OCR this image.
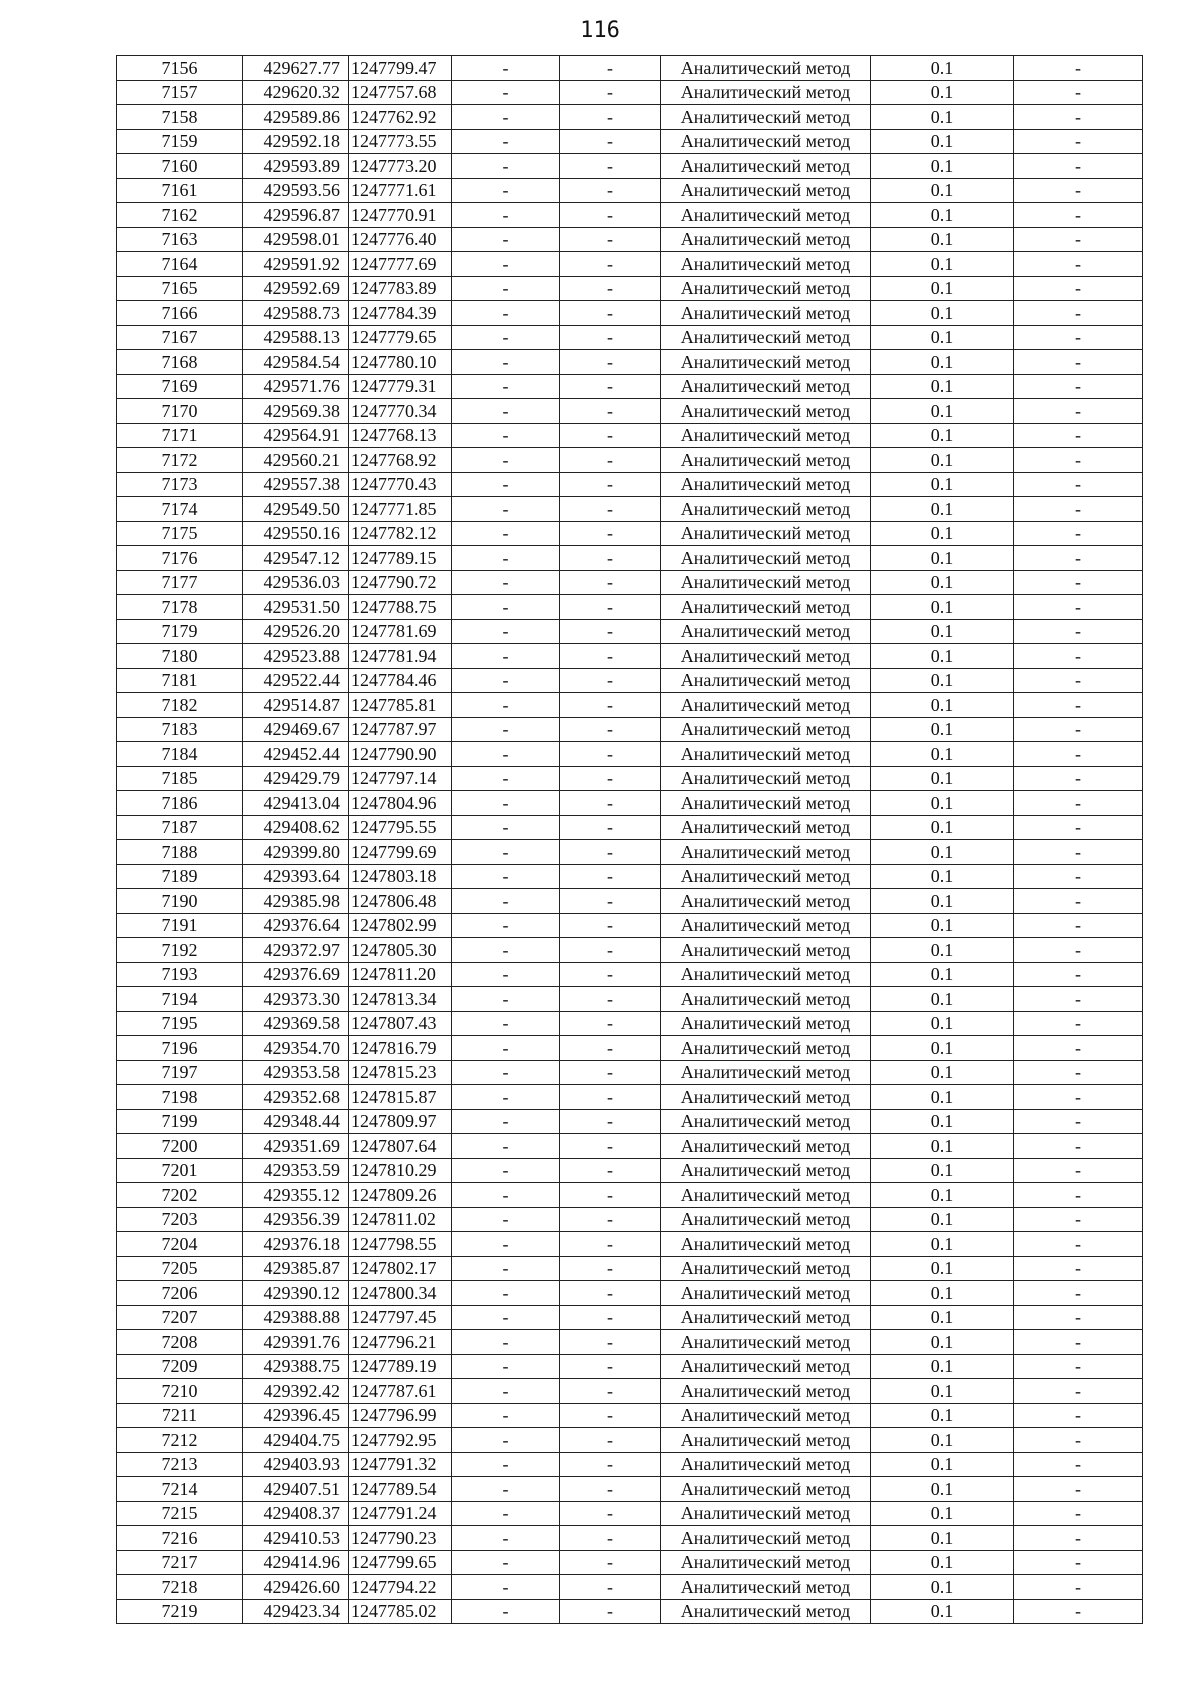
116
7156	429627.77	1247799.47	-	-	Аналитический метод	0.1	-
7157	429620.32	1247757.68	-	-	Аналитический метод	0.1	-
7158	429589.86	1247762.92	-	-	Аналитический метод	0.1	-
7159	429592.18	1247773.55	-	-	Аналитический метод	0.1	-
7160	429593.89	1247773.20	-	-	Аналитический метод	0.1	-
7161	429593.56	1247771.61	-	-	Аналитический метод	0.1	-
7162	429596.87	1247770.91	-	-	Аналитический метод	0.1	-
7163	429598.01	1247776.40	-	-	Аналитический метод	0.1	-
7164	429591.92	1247777.69	-	-	Аналитический метод	0.1	-
7165	429592.69	1247783.89	-	-	Аналитический метод	0.1	-
7166	429588.73	1247784.39	-	-	Аналитический метод	0.1	-
7167	429588.13	1247779.65	-	-	Аналитический метод	0.1	-
7168	429584.54	1247780.10	-	-	Аналитический метод	0.1	-
7169	429571.76	1247779.31	-	-	Аналитический метод	0.1	-
7170	429569.38	1247770.34	-	-	Аналитический метод	0.1	-
7171	429564.91	1247768.13	-	-	Аналитический метод	0.1	-
7172	429560.21	1247768.92	-	-	Аналитический метод	0.1	-
7173	429557.38	1247770.43	-	-	Аналитический метод	0.1	-
7174	429549.50	1247771.85	-	-	Аналитический метод	0.1	-
7175	429550.16	1247782.12	-	-	Аналитический метод	0.1	-
7176	429547.12	1247789.15	-	-	Аналитический метод	0.1	-
7177	429536.03	1247790.72	-	-	Аналитический метод	0.1	-
7178	429531.50	1247788.75	-	-	Аналитический метод	0.1	-
7179	429526.20	1247781.69	-	-	Аналитический метод	0.1	-
7180	429523.88	1247781.94	-	-	Аналитический метод	0.1	-
7181	429522.44	1247784.46	-	-	Аналитический метод	0.1	-
7182	429514.87	1247785.81	-	-	Аналитический метод	0.1	-
7183	429469.67	1247787.97	-	-	Аналитический метод	0.1	-
7184	429452.44	1247790.90	-	-	Аналитический метод	0.1	-
7185	429429.79	1247797.14	-	-	Аналитический метод	0.1	-
7186	429413.04	1247804.96	-	-	Аналитический метод	0.1	-
7187	429408.62	1247795.55	-	-	Аналитический метод	0.1	-
7188	429399.80	1247799.69	-	-	Аналитический метод	0.1	-
7189	429393.64	1247803.18	-	-	Аналитический метод	0.1	-
7190	429385.98	1247806.48	-	-	Аналитический метод	0.1	-
7191	429376.64	1247802.99	-	-	Аналитический метод	0.1	-
7192	429372.97	1247805.30	-	-	Аналитический метод	0.1	-
7193	429376.69	1247811.20	-	-	Аналитический метод	0.1	-
7194	429373.30	1247813.34	-	-	Аналитический метод	0.1	-
7195	429369.58	1247807.43	-	-	Аналитический метод	0.1	-
7196	429354.70	1247816.79	-	-	Аналитический метод	0.1	-
7197	429353.58	1247815.23	-	-	Аналитический метод	0.1	-
7198	429352.68	1247815.87	-	-	Аналитический метод	0.1	-
7199	429348.44	1247809.97	-	-	Аналитический метод	0.1	-
7200	429351.69	1247807.64	-	-	Аналитический метод	0.1	-
7201	429353.59	1247810.29	-	-	Аналитический метод	0.1	-
7202	429355.12	1247809.26	-	-	Аналитический метод	0.1	-
7203	429356.39	1247811.02	-	-	Аналитический метод	0.1	-
7204	429376.18	1247798.55	-	-	Аналитический метод	0.1	-
7205	429385.87	1247802.17	-	-	Аналитический метод	0.1	-
7206	429390.12	1247800.34	-	-	Аналитический метод	0.1	-
7207	429388.88	1247797.45	-	-	Аналитический метод	0.1	-
7208	429391.76	1247796.21	-	-	Аналитический метод	0.1	-
7209	429388.75	1247789.19	-	-	Аналитический метод	0.1	-
7210	429392.42	1247787.61	-	-	Аналитический метод	0.1	-
7211	429396.45	1247796.99	-	-	Аналитический метод	0.1	-
7212	429404.75	1247792.95	-	-	Аналитический метод	0.1	-
7213	429403.93	1247791.32	-	-	Аналитический метод	0.1	-
7214	429407.51	1247789.54	-	-	Аналитический метод	0.1	-
7215	429408.37	1247791.24	-	-	Аналитический метод	0.1	-
7216	429410.53	1247790.23	-	-	Аналитический метод	0.1	-
7217	429414.96	1247799.65	-	-	Аналитический метод	0.1	-
7218	429426.60	1247794.22	-	-	Аналитический метод	0.1	-
7219	429423.34	1247785.02	-	-	Аналитический метод	0.1	-
